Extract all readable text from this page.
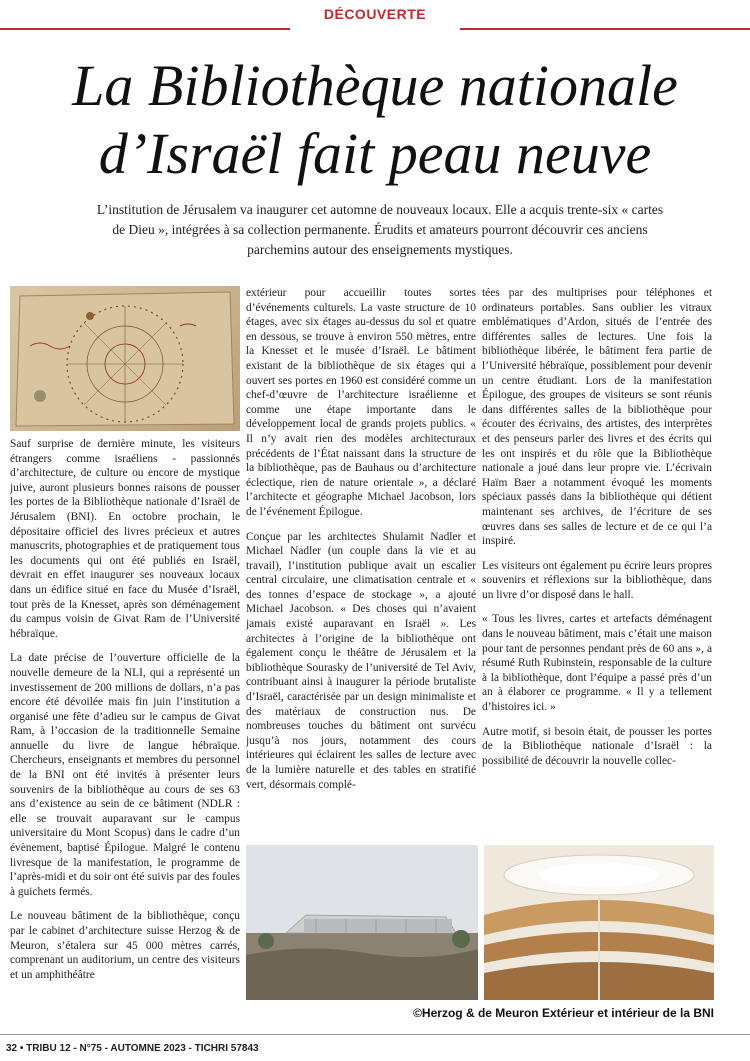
DÉCOUVERTE
La Bibliothèque nationale
d’Israël fait peau neuve
L’institution de Jérusalem va inaugurer cet automne de nouveaux locaux. Elle a acquis trente-six « cartes de Dieu », intégrées à sa collection permanente. Érudits et amateurs pourront découvrir ces anciens parchemins autour des enseignements mystiques.

Sauf surprise de dernière minute, les visiteurs étrangers comme israéliens - passionnés d’architecture, de culture ou encore de mystique juive, auront plusieurs bonnes raisons de pousser les portes de la Bibliothèque nationale d’Israël de Jérusalem (BNI). En octobre prochain, le dépositaire officiel des livres précieux et autres manuscrits, photographies et de pratiquement tous les documents qui ont été publiés en Israël, devrait en effet inaugurer ses nouveaux locaux dans un édifice situé en face du Musée d’Israël, tout près de la Knesset, après son déménagement du campus voisin de Givat Ram de l’Université hébraïque.

La date précise de l’ouverture officielle de la nouvelle demeure de la NLI, qui a représenté un investissement de 200 millions de dollars, n’a pas encore été dévoilée mais fin juin l’institution a organisé une fête d’adieu sur le campus de Givat Ram, à l’occasion de la traditionnelle Semaine annuelle du livre de langue hébraïque. Chercheurs, enseignants et membres du personnel de la BNI ont été invités à présenter leurs souvenirs de la bibliothèque au cours de ses 63 ans d’existence au sein de ce bâtiment (NDLR : elle se trouvait auparavant sur le campus universitaire du Mont Scopus) dans le cadre d’un évènement, baptisé Épilogue. Malgré le contenu livresque de la manifestation, le programme de l’après-midi et du soir ont été suivis par des foules à guichets fermés.

Le nouveau bâtiment de la bibliothèque, conçu par le cabinet d’architecture suisse Herzog & de Meuron, s’étalera sur 45 000 mètres carrés, comprenant un auditorium, un centre des visiteurs et un amphithéâtre

extérieur pour accueillir toutes sortes d’événements culturels. La vaste structure de 10 étages, avec six étages au-dessus du sol et quatre en dessous, se trouve à environ 550 mètres, entre la Knesset et le musée d’Israël. Le bâtiment existant de la bibliothèque de six étages qui a ouvert ses portes en 1960 est considéré comme un chef-d’œuvre de l’architecture israélienne et comme une étape importante dans le développement local de grands projets publics. « Il n’y avait rien des modèles architecturaux précédents de l’État naissant dans la structure de la bibliothèque, pas de Bauhaus ou d’architecture éclectique, rien de nature orientale », a déclaré l’architecte et géographe Michael Jacobson, lors de l’événement Épilogue.

Conçue par les architectes Shulamit Nadler et Michael Nadler (un couple dans la vie et au travail), l’institution publique avait un escalier central circulaire, une climatisation centrale et « des tonnes d’espace de stockage », a ajouté Michael Jacobson. « Des choses qui n’avaient jamais existé auparavant en Israël ». Les architectes à l’origine de la bibliothèque ont également conçu le théâtre de Jérusalem et la bibliothèque Sourasky de l’université de Tel Aviv, contribuant ainsi à inaugurer la période brutaliste d’Israël, caractérisée par un design minimaliste et des matériaux de construction nus. De nombreuses touches du bâtiment ont survécu jusqu’à nos jours, notamment des cours intérieures qui éclairent les salles de lecture avec de la lumière naturelle et des tables en stratifié vert, désormais complé-

tées par des multiprises pour téléphones et ordinateurs portables. Sans oublier les vitraux emblématiques d’Ardon, situés de l’entrée des différentes salles de lectures. Une fois la bibliothèque libérée, le bâtiment fera partie de l’Université hébraïque, possiblement pour devenir un centre étudiant. Lors de la manifestation Épilogue, des groupes de visiteurs se sont réunis dans différentes salles de la bibliothèque pour écouter des écrivains, des artistes, des interprètes et des penseurs parler des livres et des écrits qui les ont inspirés et du rôle que la Bibliothèque nationale a joué dans leur propre vie. L’écrivain Haïm Baer a notamment évoqué les moments spéciaux passés dans la bibliothèque qui détient maintenant ses archives, de l’écriture de ses œuvres dans ses salles de lecture et de ce qui l’a inspiré.

Les visiteurs ont également pu écrire leurs propres souvenirs et réflexions sur la bibliothèque, dans un livre d’or disposé dans le hall.

« Tous les livres, cartes et artefacts déménagent dans le nouveau bâtiment, mais c’était une maison pour tant de personnes pendant près de 60 ans », a résumé Ruth Rubinstein, responsable de la culture à la bibliothèque, dont l’équipe a passé près d’un an à élaborer ce programme. « Il y a tellement d’histoires ici. »

Autre motif, si besoin était, de pousser les portes de la Bibliothèque nationale d’Israël : la possibilité de découvrir la nouvelle collec-

©Herzog & de Meuron Extérieur et intérieur de la BNI
32 • TRIBU 12 - N°75 - AUTOMNE 2023 - TICHRI 57843
